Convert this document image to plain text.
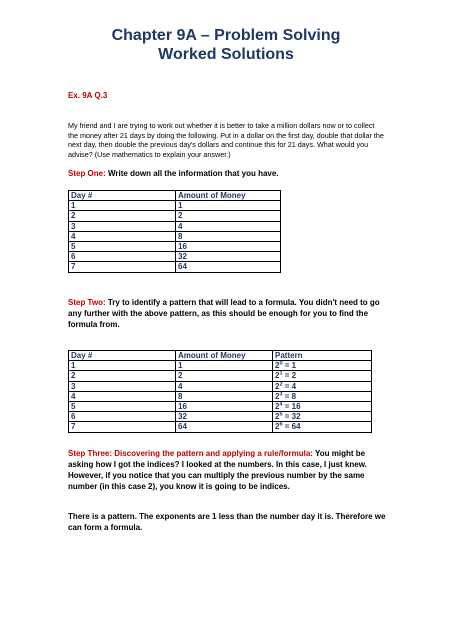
Chapter 9A – Problem Solving
Worked Solutions
Ex. 9A Q.3
My friend and I are trying to work out whether it is better to take a million dollars now or to collect the money after 21 days by doing the following. Put in a dollar on the first day, double that dollar the next day, then double the previous day's dollars and continue this for 21 days. What would you advise? (Use mathematics to explain your answer.)
Step One: Write down all the information that you have.
Day #	Amount of Money
1	1
2	2
3	4
4	8
5	16
6	32
7	64
Step Two: Try to identify a pattern that will lead to a formula. You didn't need to go any further with the above pattern, as this should be enough for you to find the formula from.
Day #	Amount of Money	Pattern
1	1	$2^0 = 1$
2	2	$2^1 = 2$
3	4	$2^2 = 4$
4	8	$2^3 = 8$
5	16	$2^4 = 16$
6	32	$2^5 = 32$
7	64	$2^6 = 64$
Step Three: Discovering the pattern and applying a rule/formula: You might be asking how I got the indices? I looked at the numbers. In this case, I just knew. However, if you notice that you can multiply the previous number by the same number (in this case 2), you know it is going to be indices.
There is a pattern. The exponents are 1 less than the number day it is. Therefore we can form a formula.
